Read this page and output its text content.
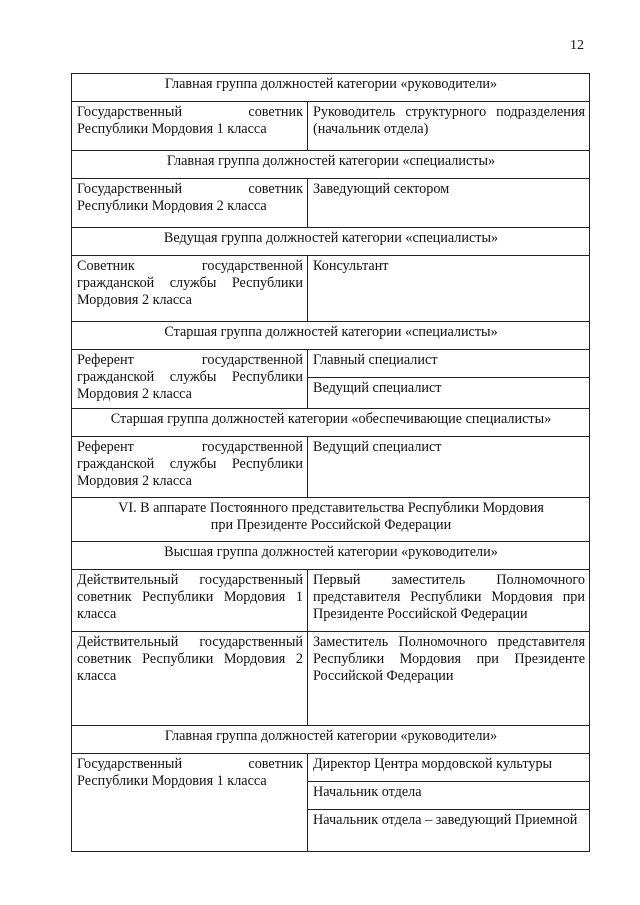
12
Главная группа должностей категории «руководители»	
Государственный советник Республики Мордовия 1 класса	Руководитель структурного подразделения (начальник отдела)
Главная группа должностей категории «специалисты»	
Государственный советник Республики Мордовия 2 класса	Заведующий сектором
Ведущая группа должностей категории «специалисты»	
Советник государственной гражданской службы Республики Мордовия 2 класса	Консультант
Старшая группа должностей категории «специалисты»	
Референт государственной гражданской службы Республики Мордовия 2 класса	Главный специалист
	Ведущий специалист
Старшая группа должностей категории «обеспечивающие специалисты»	
Референт государственной гражданской службы Республики Мордовия 2 класса	Ведущий специалист

VI. В аппарате Постоянного представительства Республики Мордовия
при Президенте Российской Федерации	

Высшая группа должностей категории «руководители»	
Действительный государственный советник Республики Мордовия 1 класса	Первый заместитель Полномочного представителя Республики Мордовия при Президенте Российской Федерации
Действительный государственный советник Республики Мордовия 2 класса	Заместитель Полномочного представителя Республики Мордовия при Президенте Российской Федерации
Главная группа должностей категории «руководители»	
Государственный советник Республики Мордовия 1 класса	Директор Центра мордовской культуры
	Начальник отдела
	Начальник отдела – заведующий Приемной
